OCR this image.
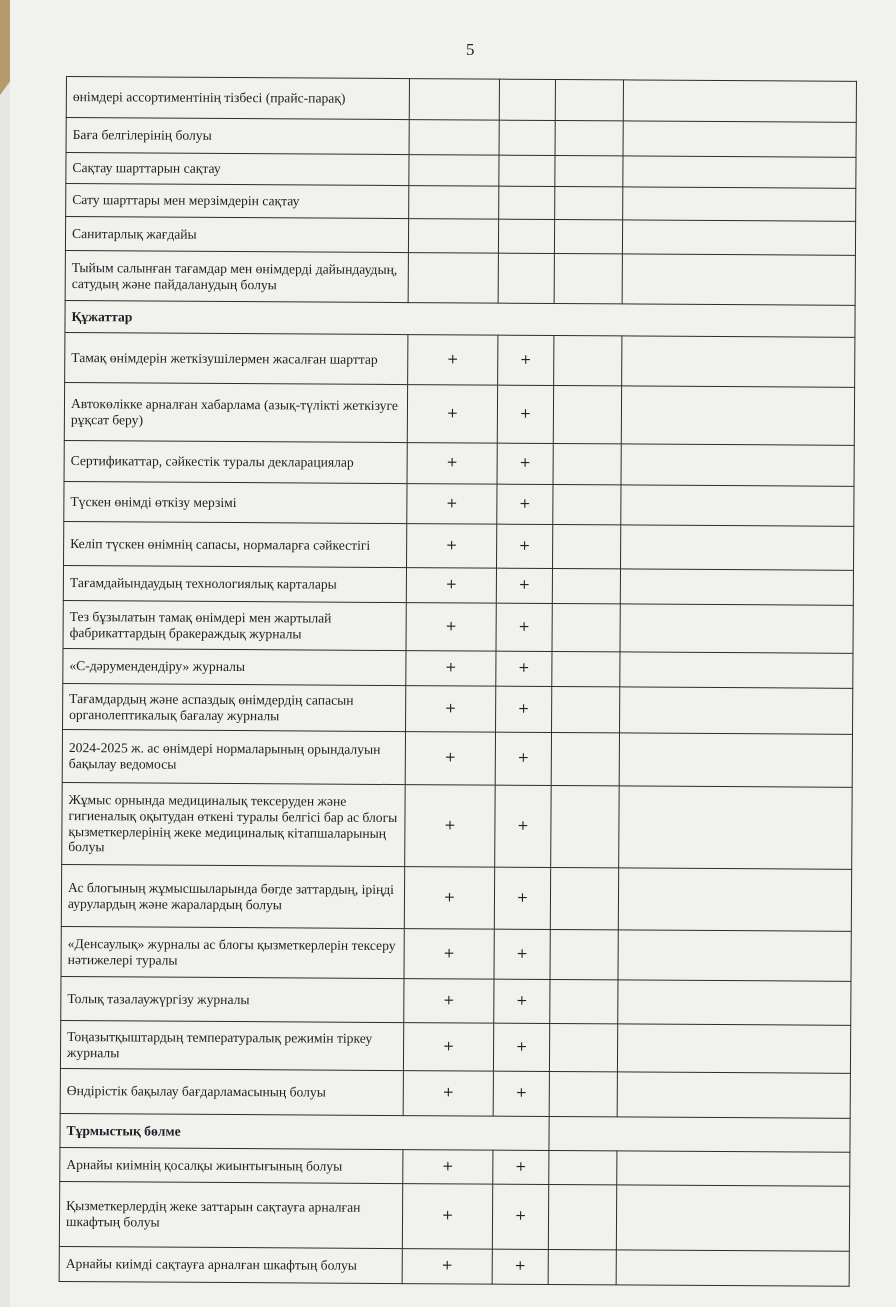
5
өнімдері ассортиментінің тізбесі (прайс-парақ)				
Баға белгілерінің болуы				
Сақтау шарттарын сақтау				
Сату шарттары мен мерзімдерін сақтау				
Санитарлық жағдайы				
Тыйым салынған тағамдар мен өнімдерді дайындаудың, сатудың және пайдаланудың болуы				
Құжаттар				
Тамақ өнімдерін жеткізушілермен жасалған шарттар	+	+		
Автокөлікке арналған хабарлама (азық-түлікті жеткізуге рұқсат беру)	+	+		
Сертификаттар, сәйкестік туралы декларациялар	+	+		
Түскен өнімді өткізу мерзімі	+	+		
Келіп түскен өнімнің сапасы, нормаларға сәйкестігі	+	+		
Тағамдайындаудың технологиялық карталары	+	+		
Тез бұзылатын тамақ өнімдері мен жартылай фабрикаттардың бракераждық журналы	+	+		
«С-дәрумендендіру» журналы	+	+		
Тағамдардың және аспаздық өнімдердің сапасын органолептикалық бағалау журналы	+	+		
2024-2025 ж. ас өнімдері нормаларының орындалуын бақылау ведомосы	+	+		
Жұмыс орнында медициналық тексеруден және гигиеналық оқытудан өткені туралы белгісі бар ас блогы қызметкерлерінің жеке медициналық кітапшаларының болуы	+	+		
Ас блогының жұмысшыларында бөгде заттардың, іріңді аурулардың және жаралардың болуы	+	+		
«Денсаулық» журналы ас блогы қызметкерлерін тексеру нәтижелері туралы	+	+		
Толық тазалаужүргізу журналы	+	+		
Тоңазытқыштардың температуралық режимін тіркеу журналы	+	+		
Өндірістік бақылау бағдарламасының болуы	+	+		
Тұрмыстық бөлме				
Арнайы киімнің қосалқы жиынтығының болуы	+	+		
Қызметкерлердің жеке заттарын сақтауға арналған шкафтың болуы	+	+		
Арнайы киімді сақтауға арналған шкафтың болуы	+	+		
